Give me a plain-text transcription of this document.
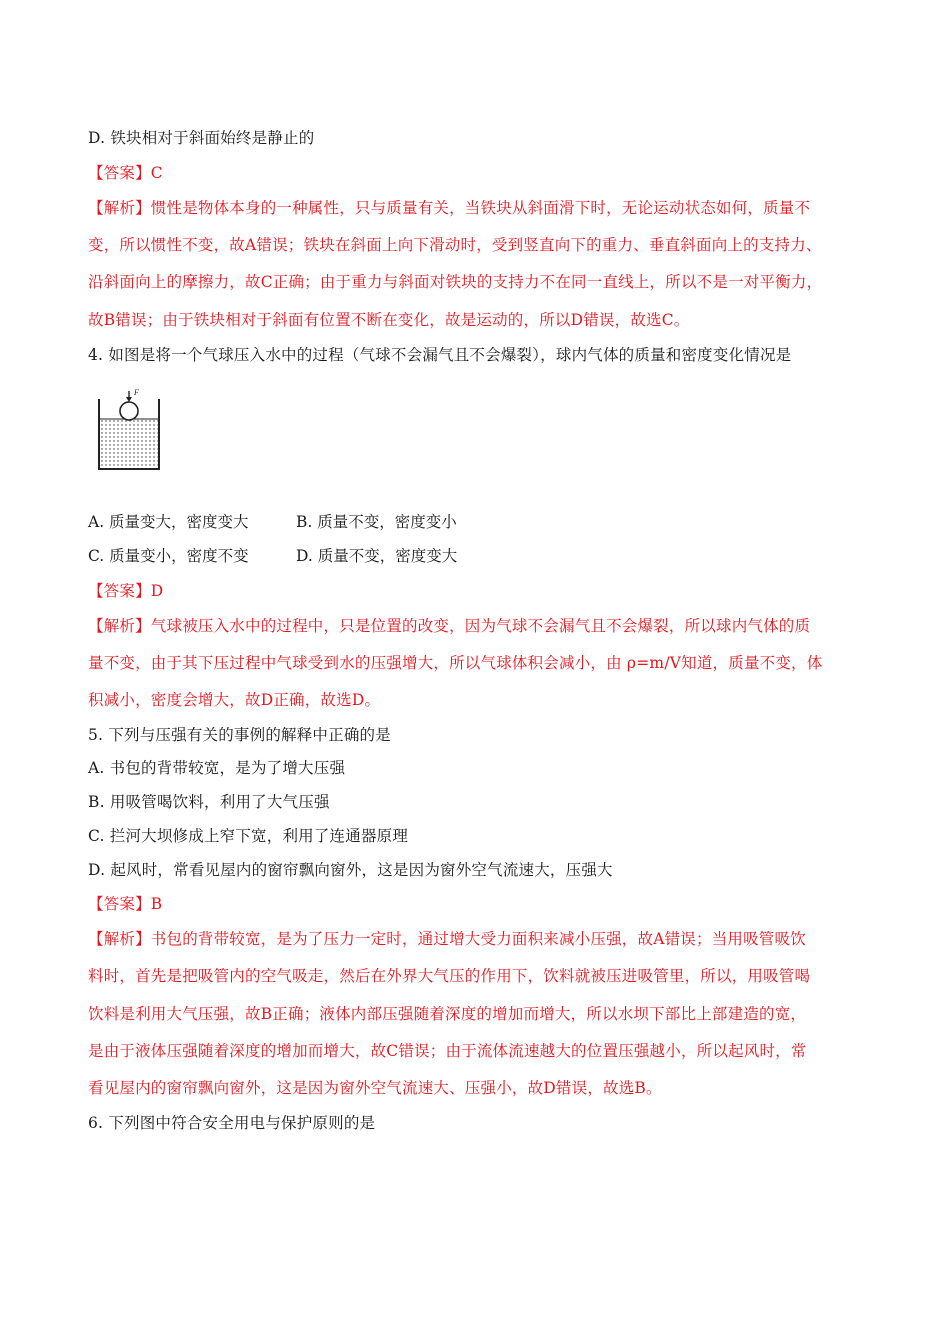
D. 铁块相对于斜面始终是静止的
【答案】C
【解析】惯性是物体本身的一种属性，只与质量有关，当铁块从斜面滑下时，无论运动状态如何，质量不
变，所以惯性不变，故A错误；铁块在斜面上向下滑动时，受到竖直向下的重力、垂直斜面向上的支持力、
沿斜面向上的摩擦力，故C正确；由于重力与斜面对铁块的支持力不在同一直线上，所以不是一对平衡力，
故B错误；由于铁块相对于斜面有位置不断在变化，故是运动的，所以D错误，故选C。
4. 如图是将一个气球压入水中的过程（气球不会漏气且不会爆裂），球内气体的质量和密度变化情况是
F
A. 质量变大，密度变大	B. 质量不变，密度变小
C. 质量变小，密度不变	D. 质量不变，密度变大
【答案】D
【解析】气球被压入水中的过程中，只是位置的改变，因为气球不会漏气且不会爆裂，所以球内气体的质
量不变，由于其下压过程中气球受到水的压强增大，所以气球体积会减小，由 ρ=m/V知道，质量不变，体
积减小，密度会增大，故D正确，故选D。
5. 下列与压强有关的事例的解释中正确的是
A. 书包的背带较宽，是为了增大压强
B. 用吸管喝饮料，利用了大气压强
C. 拦河大坝修成上窄下宽，利用了连通器原理
D. 起风时，常看见屋内的窗帘飘向窗外，这是因为窗外空气流速大，压强大
【答案】B
【解析】书包的背带较宽，是为了压力一定时，通过增大受力面积来减小压强，故A错误；当用吸管吸饮
料时，首先是把吸管内的空气吸走，然后在外界大气压的作用下，饮料就被压进吸管里，所以，用吸管喝
饮料是利用大气压强，故B正确；液体内部压强随着深度的增加而增大，所以水坝下部比上部建造的宽，
是由于液体压强随着深度的增加而增大，故C错误；由于流体流速越大的位置压强越小，所以起风时，常
看见屋内的窗帘飘向窗外，这是因为窗外空气流速大、压强小，故D错误，故选B。
6. 下列图中符合安全用电与保护原则的是
